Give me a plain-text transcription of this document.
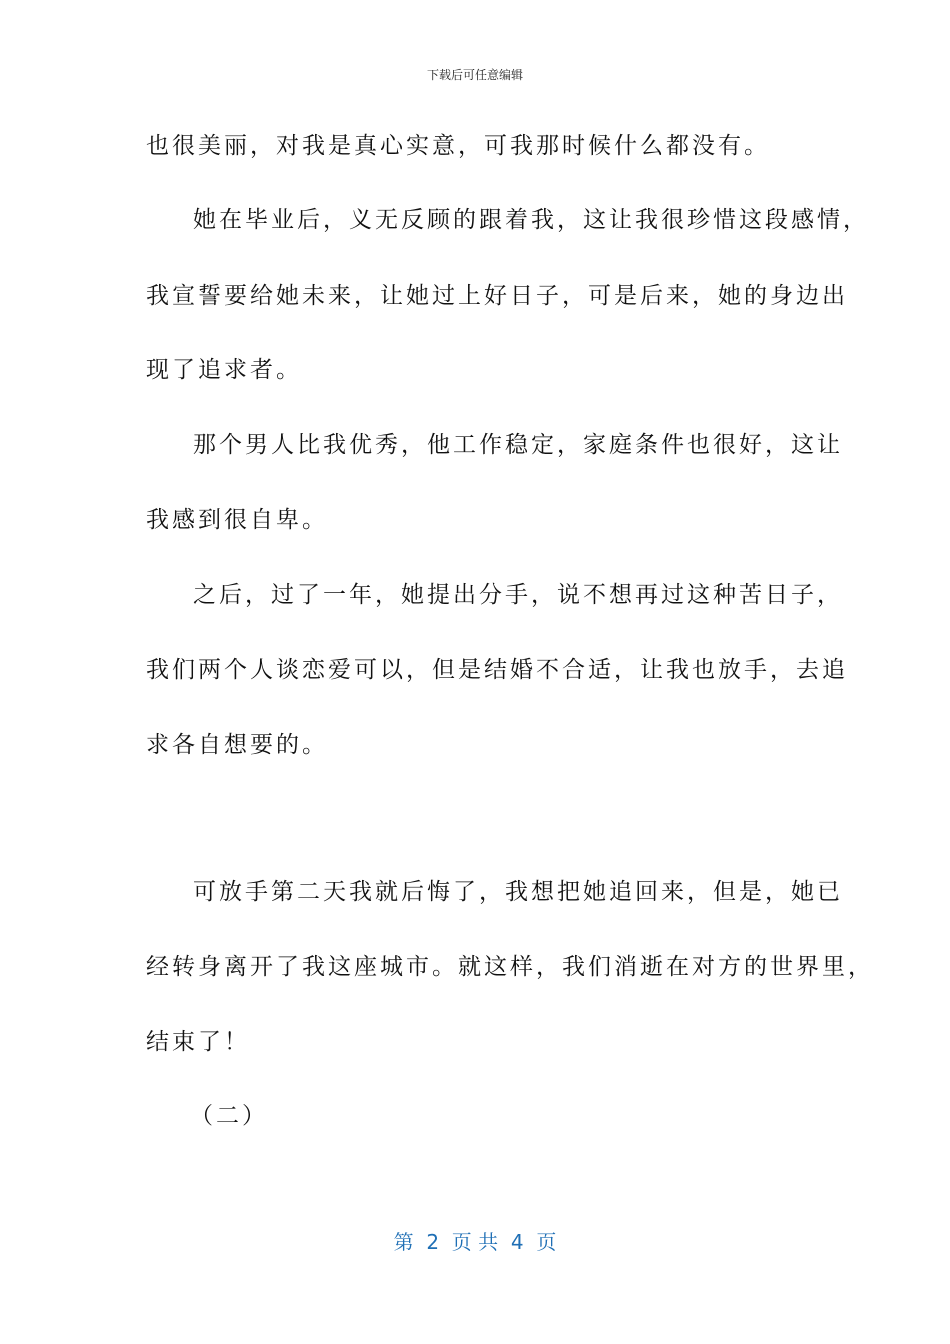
下载后可任意编辑
也很美丽，对我是真心实意，可我那时候什么都没有。
她在毕业后，义无反顾的跟着我，这让我很珍惜这段感情，
我宣誓要给她未来，让她过上好日子，可是后来，她的身边出
现了追求者。
那个男人比我优秀，他工作稳定，家庭条件也很好，这让
我感到很自卑。
之后，过了一年，她提出分手，说不想再过这种苦日子，
我们两个人谈恋爱可以，但是结婚不合适，让我也放手，去追
求各自想要的。
可放手第二天我就后悔了，我想把她追回来，但是，她已
经转身离开了我这座城市。就这样，我们消逝在对方的世界里，
结束了！
（二）
第  2  页 共  4  页
